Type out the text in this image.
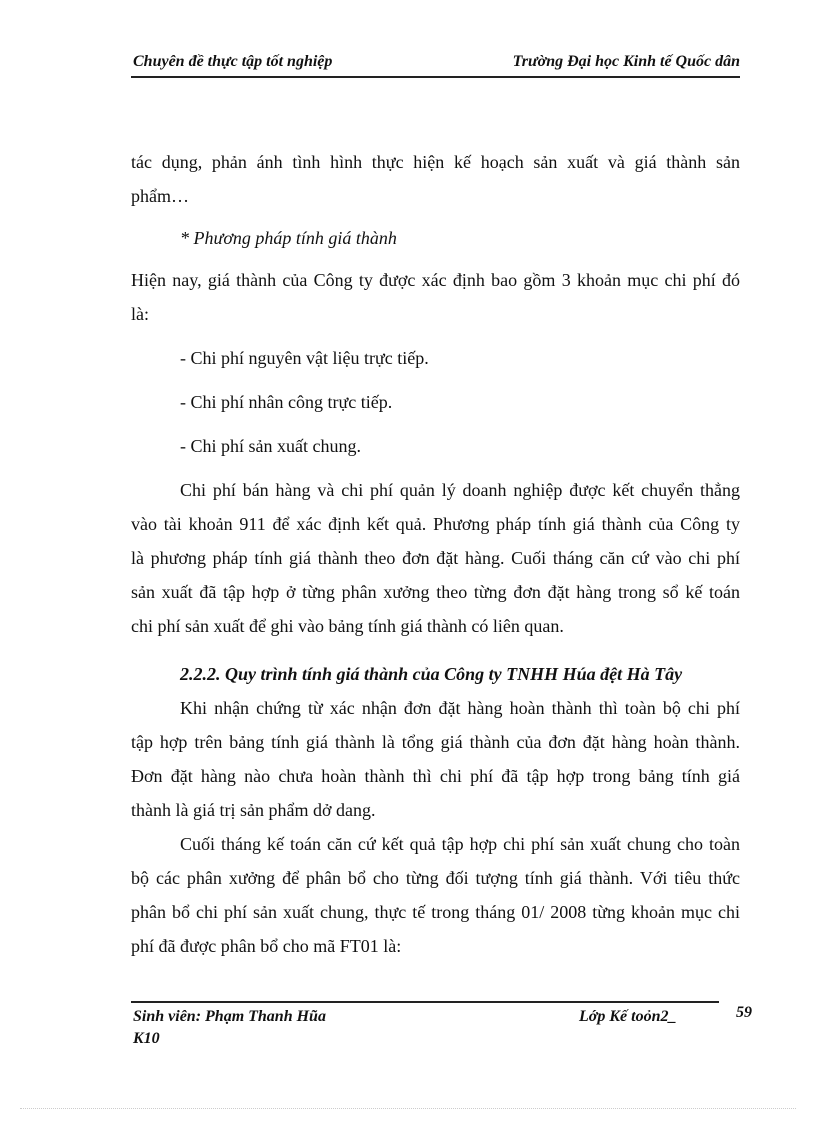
Chuyên đề thực tập tốt nghiệp	Trường Đại học Kinh tế Quốc dân
tác dụng, phản ánh tình hình thực hiện kế hoạch sản xuất và giá thành sản
phẩm…
* Phương pháp tính giá thành
Hiện nay, giá thành của Công ty được xác định bao gồm 3 khoản mục chi phí đó
là:
- Chi phí nguyên vật liệu trực tiếp.
- Chi phí nhân công trực tiếp.
- Chi phí sản xuất chung.
Chi phí bán hàng và chi phí quản lý doanh nghiệp được kết chuyển thẳng
vào tài khoản 911 để xác định kết quả. Phương pháp tính giá thành của Công ty
là phương pháp tính giá thành theo đơn đặt hàng. Cuối tháng căn cứ vào chi phí
sản xuất đã tập hợp ở từng phân xưởng theo từng đơn đặt hàng trong sổ kế toán
chi phí sản xuất để ghi vào bảng tính giá thành có liên quan.
2.2.2. Quy trình tính giá thành của Công ty TNHH Húa đệt Hà Tây
Khi nhận chứng từ xác nhận đơn đặt hàng hoàn thành thì toàn bộ chi phí
tập hợp trên bảng tính giá thành là tổng giá thành của đơn đặt hàng hoàn thành.
Đơn đặt hàng nào chưa hoàn thành thì chi phí đã tập hợp trong bảng tính giá
thành là giá trị sản phẩm dở dang.
Cuối tháng kế toán căn cứ kết quả tập hợp chi phí sản xuất chung cho toàn
bộ các phân xưởng để phân bổ cho từng đối tượng tính giá thành. Với tiêu thức
phân bổ chi phí sản xuất chung, thực tế trong tháng 01/ 2008 từng khoản mục chi
phí đã được phân bổ cho mã FT01 là:
Sinh viên: Phạm Thanh Hũa
K10
Lớp Kế toỏn2_	59
